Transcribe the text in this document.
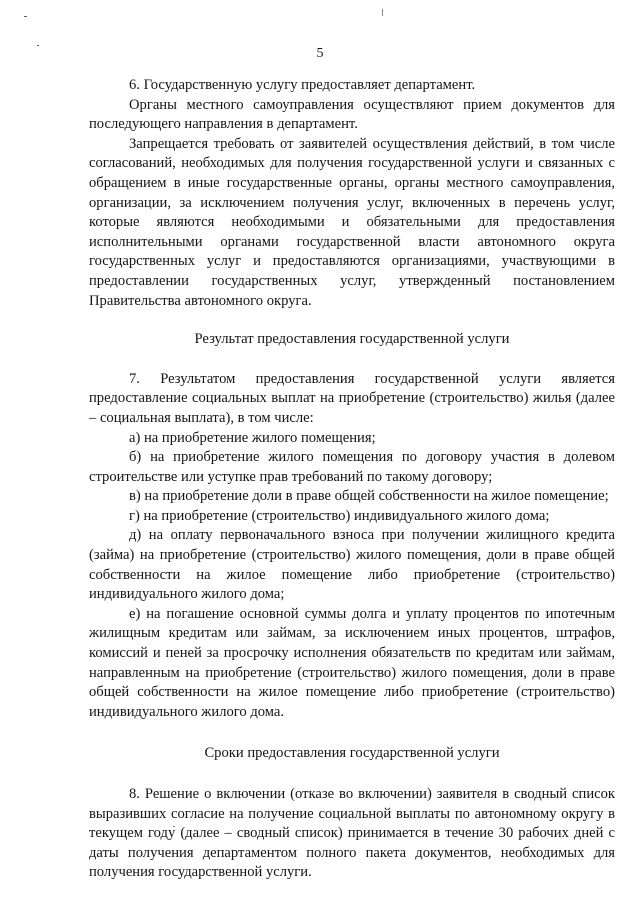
5

6. Государственную услугу предоставляет департамент.

Органы местного самоуправления осуществляют прием документов для последующего направления в департамент.

Запрещается требовать от заявителей осуществления действий, в том числе согласований, необходимых для получения государственной услуги и связанных с обращением в иные государственные органы, органы местного самоуправления, организации, за исключением получения услуг, включенных в перечень услуг, которые являются необходимыми и обязательными для предоставления исполнительными органами государственной власти автономного округа государственных услуг и предоставляются организациями, участвующими в предоставлении государственных услуг, утвержденный постановлением Правительства автономного округа.

Результат предоставления государственной услуги

7. Результатом предоставления государственной услуги является предоставление социальных выплат на приобретение (строительство) жилья (далее – социальная выплата), в том числе:

а) на приобретение жилого помещения;

б) на приобретение жилого помещения по договору участия в долевом строительстве или уступке прав требований по такому договору;

в) на приобретение доли в праве общей собственности на жилое помещение;

г) на приобретение (строительство) индивидуального жилого дома;

д) на оплату первоначального взноса при получении жилищного кредита (займа) на приобретение (строительство) жилого помещения, доли в праве общей собственности на жилое помещение либо приобретение (строительство) индивидуального жилого дома;

е) на погашение основной суммы долга и уплату процентов по ипотечным жилищным кредитам или займам, за исключением иных процентов, штрафов, комиссий и пеней за просрочку исполнения обязательств по кредитам или займам, направленным на приобретение (строительство) жилого помещения, доли в праве общей собственности на жилое помещение либо приобретение (строительство) индивидуального жилого дома.

Сроки предоставления государственной услуги

8. Решение о включении (отказе во включении) заявителя в сводный список выразивших согласие на получение социальной выплаты по автономному округу в текущем году (далее – сводный список) принимается в течение 30 рабочих дней с даты получения департаментом полного пакета документов, необходимых для получения государственной услуги.
